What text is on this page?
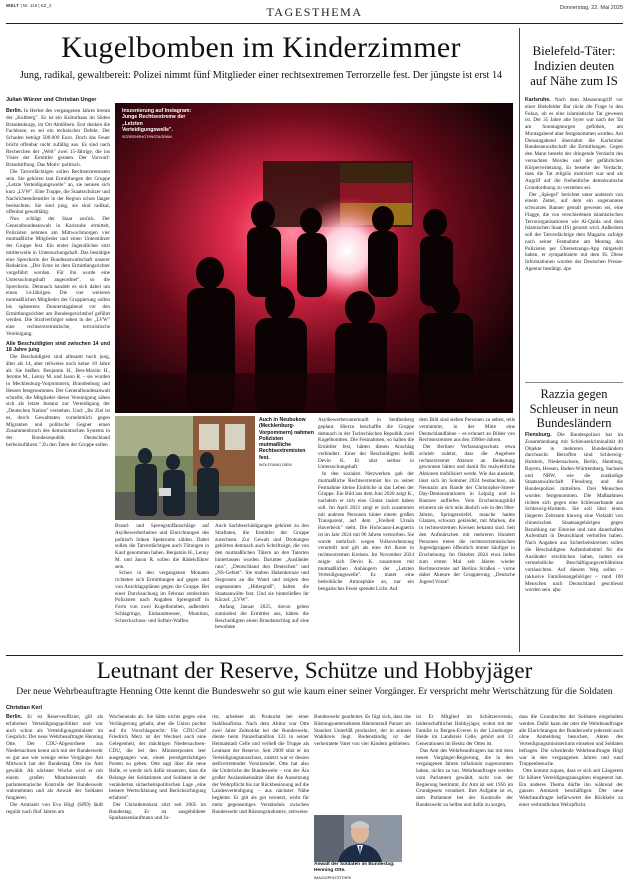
WELT | Nr. 118 | KZ_2	TAGESTHEMA	Donnerstag, 22. Mai 2025
Kugelbomben im Kinderzimmer
Jung, radikal, gewaltbereit: Polizei nimmt fünf Mitglieder einer rechtsextremen Terrorzelle fest. Der jüngste ist erst 14
Julian Würzer und Christian Unger

Berlin. In Herbst des vergangenen Jahres brennt der „Kultberg". Es ist ein Kulturhaus im Süden Brandenburgs, im Ort Altdöbern. Erst denken die Fachleute, es sei ein technischer Defekt. Der Schaden beträgt 500.000 Euro. Doch das Feuer bricht offenbar nicht zufällig aus. Es sind nach Recherchen der „Welt" zwei 15-Jährige, die ins Visier der Ermittler geraten. Der Vorwurf: Brandstiftung. Das Motiv: politisch.

Die Tatverdächtigen sollen Rechtsextremisten sein. Sie gehören laut Ermittlungen der Gruppe „Letzte Verteidigungswelle" an, sie nennen sich kurz „LVW". Eine Truppe, die Staatsschützer und Nachrichtendienstler in der Region schon länger beobachten. Sie sind jung, sie sind radikal, offenbar gewalttätig.

Nun schlägt der Staat zurück. Der Generalbundesanwalt in Karlsruhe ermittelt, Polizisten nehmen am Mittwochmorgen vier mutmaßliche Mitglieder und einen Unterstützer der Gruppe fest. Ein erster Jugendlicher sitzt mittlerweile in Untersuchungshaft. Das bestätigte eine Sprecherin der Bundesanwaltschaft unserer Redaktion. „Der Erste ist dem Ermittlungsrichter vorgeführt worden. Für ihn wurde eine Untersuchungshaft angeordnet", so die Sprecherin. Demnach handelt es sich dabei um einen 14-Jährigen. Die vier weiteren mutmaßlichen Mitglieder der Gruppierung sollen bis spätestens Donnerstagabend vor den Ermittlungsrichter am Bundesgerichtshof geführt werden. Die Strafverfolger sehen in der „LVW" eine rechtsextremistische, terroristische Vereinigung.

Alle Beschuldigten sind zwischen 14 und 18 Jahre jung

Die Beschuldigten sind allesamt noch jung, älter als 14, aber teilweise noch keine 18 Jahre alt. Sie heißen: Benjamin H., Ben-Maxim H., Jerome M., Lenny M. und Jason R. – sie wurden in Mecklenburg-Vorpommern, Brandenburg und Hessen festgenommen. Der Generalbundesanwalt schreibt, die Mitglieder dieser Vereinigung sähen sich als letzte Instanz zur Verteidigung der „Deutschen Nation" verstehen. Und: „Ihr Ziel ist es, durch Gewalttaten vornehmlich gegen Migranten und politische Gegner einen Zusammenbruch des demokratischen Systems in der Bundesrepublik Deutschland herbeizuführen." Zu den Taten der Gruppe sollen

Inszenierung auf Instagram: Junge Rechtsextreme der „Letzten Verteidigungswelle".
SCREENSHOT/INSTAGRAM
Auch in Neubukow (Mecklenburg-Vorpommern) nahmen Polizisten mutmaßliche Rechtsextremisten fest.
WOLFGANG DIEM

Brand- und Sprengstoffanschläge auf Asylbewerberheime und Einrichtungen des politisch linken Spektrums zählen. Dabei sollen die Tatverdächtigen auch Tötungen in Kauf genommen haben. Benjamin H., Lenny M. und Jason R. sollen die Rädelsführer sein.

Schon in den vergangenen Monaten richteten sich Ermittlungen auf gegen und von Anschlagsplänen gegen die Gruppe. Bei einer Durchsuchung im Februar entdeckten Polizisten nach Angaben Sprengstoff in Form von zwei Kugelbomben, außerdem Schlagringe, Einhandmesser, Munition, Schreckschuss- und Softair-Waffen.

Auch Sachbeschädigungen gehören zu den Straftaten, die Ermittler der Gruppe zurechnen. Zur Gewalt und Drohungen gehörten demnach auch Schriftzüge, die von den mutmaßlichen Tätern an den Tatorten hinterlassen wurden. Darunter „Ausländer raus", „Deutschland den Deutschen" und „NS-Gebiet". Sie malten Hakenkreuze und Siegrunen an die Wand und zeigten den sogenannten „Hitlergruß", halten die Staatsanwälte fest. Und sie hinterließen ihr Kürzel: „LVW".

Anfang Januar 2025, davon gehen zumindest die Ermittler aus, hätten die Beschuldigten einen Brandanschlag auf eine bewohnte

Asylbewerberunterkunft in Senftenberg geplant. Hierzu beschaffte die Gruppe demnach in der Tschechischen Republik zwei Kugelbomben. Die Festnahmen, so halten die Ermittler fest, hätten diesen Anschlag verhindert. Einer der Beschuldigten heißt Devin K. Er sitzt seither in Untersuchungshaft.

In den sozialen Netzwerken gab der mutmaßliche Rechtsextremist bis zu seiner Festnahme kleine Einblicke in das Leben der Gruppe. Ein Bild aus dem Juni 2020 zeigt K., nachdem er sich eine Glatze rasiert haben soll. Im April 2021 zeigt er sich zusammen mit anderen Personen hinter einem großen Transparent, auf dem „Freiheit Ursula Haverbeck" steht. Die Holocaust-Leugnerin ist im Jahr 2024 mit 96 Jahren verstorben. Sie wurde mehrfach wegen Volksverhetzung verurteilt und gilt als eine Art Ikone in rechtsextremen Kreisen. Im November 2024 zeigte sich Devin K. zusammen mit mutmaßlichen Anhängern der „Letzten Verteidigungswelle". Es mutet eine bedrohliche Atmosphäre an, nur ein bengalisches Feuer spendet Licht. Auf

dem Bild sind sieben Personen zu sehen, teils vermummt, in der Mitte eine Deutschlandfahne – es erinnert an Bilder von Rechtsextremen aus den 1990er-Jahren.

Der Berliner Verfassungsschutz etwa schrieb zuletzt, dass die Angebote rechtsextremer Akteure an Bedeutung gewonnen hätten und damit für realweltliche Aktionen mobilisiert werde. Wie das aussieht, lässt sich im Sommer 2024 beobachten, als Neonazis am Rande der Christopher-Street-Day-Demonstrationen in Leipzig und in Bautzen aufliefen. Vom Erscheinungsbild erinnern sie sich teils ähnlich wie in den 90er-Jahren, Springerstiefel, manche hatten Glatzen, schwarz gekleidet, mit Marken, die in rechtsextremen Kreisen bekannt sind. Seit den Aufmärschen mit mehreren Hundert Personen treten die rechtsextremistischen Jugendgruppen öffentlich immer häufiger in Erscheinung. Im Oktober 2024 etwa liefen zum ersten Mal seit Jahren wieder Rechtsextreme auf Berlins Straßen – vorne dabei Akteure der Gruppierung „Deutsche Jugend Voran".

Bielefeld-Täter: Indizien deuten auf Nähe zum IS

Karlsruhe. Nach dem Messerangriff vor einer Bielefelder Bar rückt die Frage in den Fokus, ob es eine islamistische Tat gewesen ist. Der 35 Jahre alte Syrer war nach der Tat am Sonntagmorgen geflohen, am Montagabend aber festgenommen worden. Am Dienstagabend übernahm die Karlsruher Bundesanwaltschaft die Ermittlungen. Gegen den Mann besteht der dringende Verdacht des versuchten Mordes und der gefährlichen Körperverletzung. Es bestehe der Verdacht, dass die Tat religiös motiviert war und als Angriff auf die freiheitliche demokratische Grundordnung zu verstehen sei.

Der „Spiegel" berichtet unter anderem von einem Zettel, auf dem ein sogenanntes schwarzes Banner gemalt gewesen sei, eine Flagge, die von verschiedenen islamistischen Terrororganisationen wie Al-Qaida und dem Islamischen Staat (IS) genutzt wird. Außerdem soll der Tatverdächtige dem Magazin zufolge nach seiner Festnahme am Montag den Polizisten per Übersetzungs-App mitgeteilt haben, er sympathisiere mit dem IS. Diese Informationen wurden der Deutschen Presse-Agentur bestätigt. dpa

Razzia gegen Schleuser in neun Bundesländern

Flensburg. Die Bundespolizei hat im Zusammenhang mit Schleuserkriminalität 40 Objekte in mehreren Bundesländern durchsucht. Betroffen sind Schleswig-Holstein, Niedersachsen, Berlin, Hamburg, Bayern, Hessen, Baden-Württemberg, Sachsen und NRW, wie die zuständige Staatsanwaltschaft Flensburg und die Bundespolizei mitteilten. Drei Menschen wurden festgenommen. Die Maßnahmen richten sich gegen eine Schleuserbande aus Schleswig-Holstein. Sie soll über einen längeren Zeitraum hinweg eine Vielzahl von chinesischen Staatsangehörigen gegen Bezahlung zur Einreise und zum dauerhaften Aufenthalt in Deutschland verholfen haben. Nach Angaben aus Sicherheitskreisen sollen die Beschuldigten Aufenthaltstitel für die Ausländer erschlichen haben, indem sie vermeintliche Beschäftigungsverhältnisse vortäuschten. Auf diesem Weg sollen – inklusive Familienangehöriger – rund 100 Menschen nach Deutschland geschleust worden sein. dpa

Leutnant der Reserve, Schütze und Hobbyjäger
Der neue Wehrbeauftragte Henning Otte kennt die Bundeswehr so gut wie kaum einer seiner Vorgänger. Er verspricht mehr Wertschätzung für die Soldaten
Christian Kerl

Berlin. Er ist Reserveoffizier, gilt als erfahrener Verteidigungspolitiker und war auch schon als Verteidigungsminister im Gespräch: Der neue Wehrbeauftragte Henning Otte. Der CDU-Abgeordnete aus Niedersachsen kennt sich mit der Bundeswehr so gut aus wie wenige seine Vorgänger. Am Mittwoch hat der Bundestag Otte ins Amt gewählt. Ab nächster Woche wird er mit einem großen Mitarbeiterstab die parlamentarische Kontrolle der Bundeswehr wahrnehmen und als Anwalt der Soldaten fungieren.

Die Amtszeit von Eva Högl (SPD) läuft regulär nach fünf Jahren am

Wochenende ab. Sie hätte nichts gegen eine Verlängerung gehabt, aber die Union pochte auf ihr Vorschlagsrecht: Für CDU-Chef Friedrich Merz ist der Wechsel auch eine Gelegenheit, der mächtigen Niedersachsen-CDU, die bei den Ministerposten leer ausgegangen war, einen prestigeträchtigen Posten zu geben. Otte sagt über die neue Rolle, er werde sich dafür einsetzen, dass die Belange der Soldatinnen und Soldaten in der veränderten sicherheitspolitischen Lage „eine bessere Wertschätzung und Berücksichtigung erfahren".

Der Christdemokrat sitzt seit 2005 im Bundestag. Er ist ausgebildeter Sparkassenkaufmann und Ju-

rist, arbeitete als Prokurist bei einer Stahlbaufirma. Nach dem Abitur war Otte zwei Jahre Zeitsoldat bei der Bundeswehr, diente beim Panzerbataillon 333 in seiner Heimatstadt Celle und verließ die Truppe als Leutnant der Reserve. Seit 2009 sitzt er im Verteidigungsausschuss, zuletzt war er dessen stellvertretender Vorsitzender. Otte hat also die Umbrüche der Bundeswehr – von der Ära großer Auslandseinsätze über die Aussetzung der Wehrpflicht bis zur Rückbesinnung auf die Landesverteidigung – aus nächster Nähe begleitet. Er gilt als gut vernetzt, wirbt für mehr gegenseitiges Verständnis zwischen Bundeswehr und Rüstungsindustrie, zeitweise

Bundeswehr gearbeitet. Es fügt sich, dass das Rüstungsunternehmen Rheinmetall Panzer am Standort Unterlüß produziert, der in seinem Wahlkreis liegt. Bodenständig ist der verheiratete Vater von vier Kindern geblieben:

Anwalt der Soldaten im Bundestag: Henning Otte.
IMAGO/PHOTOTHEK

ist Er Mitglied im Schützenverein, leidenschaftlicher Hobbyjäger, wohnt mit der Familie in Bergen-Everen in der Lüneburger Heide im Landkreis Celle, gehört seit 13 Generationen im Besitz der Ottes ist.

Das Amt des Wehrbeauftragten hat mit dem neuen Vorgänger-Regierung, die in den vergangenen Jahren inflationär zugenommen haben, nichts zu tun. Wehrbeauftragte werden vom Parlament gewählt, nicht von der Regierung bestimmt, ihr Amt ist seit 1956 im Grundgesetz verankert. Ihre Aufgabe ist es, dem Parlament bei der Kontrolle der Bundeswehr zu helfen und dafür zu sorgen,

dass die Grundrechte der Soldaten eingehalten werden. Dafür kann der oder die Wehrbeauftragte alle Einrichtungen der Bundeswehr jederzeit auch ohne Anmeldung besuchen, Akten des Verteidigungsministeriums einsehen und Soldaten befragen. Die scheidende Wehrbeauftragte Högl war in den vergangenen Jahren und rund Truppenbesuche.

Otte kommt zupass, dass er sich seit Längerem für höhere Verteidigungsausgaben eingesetzt hat. Ein anderes Thema dürfte ihn während der ganzen Amtszeit beschäftigen: Der neue Wehrbeauftragte befürwortet die Rückkehr zu einer verbindlichen Wehrpflicht.
